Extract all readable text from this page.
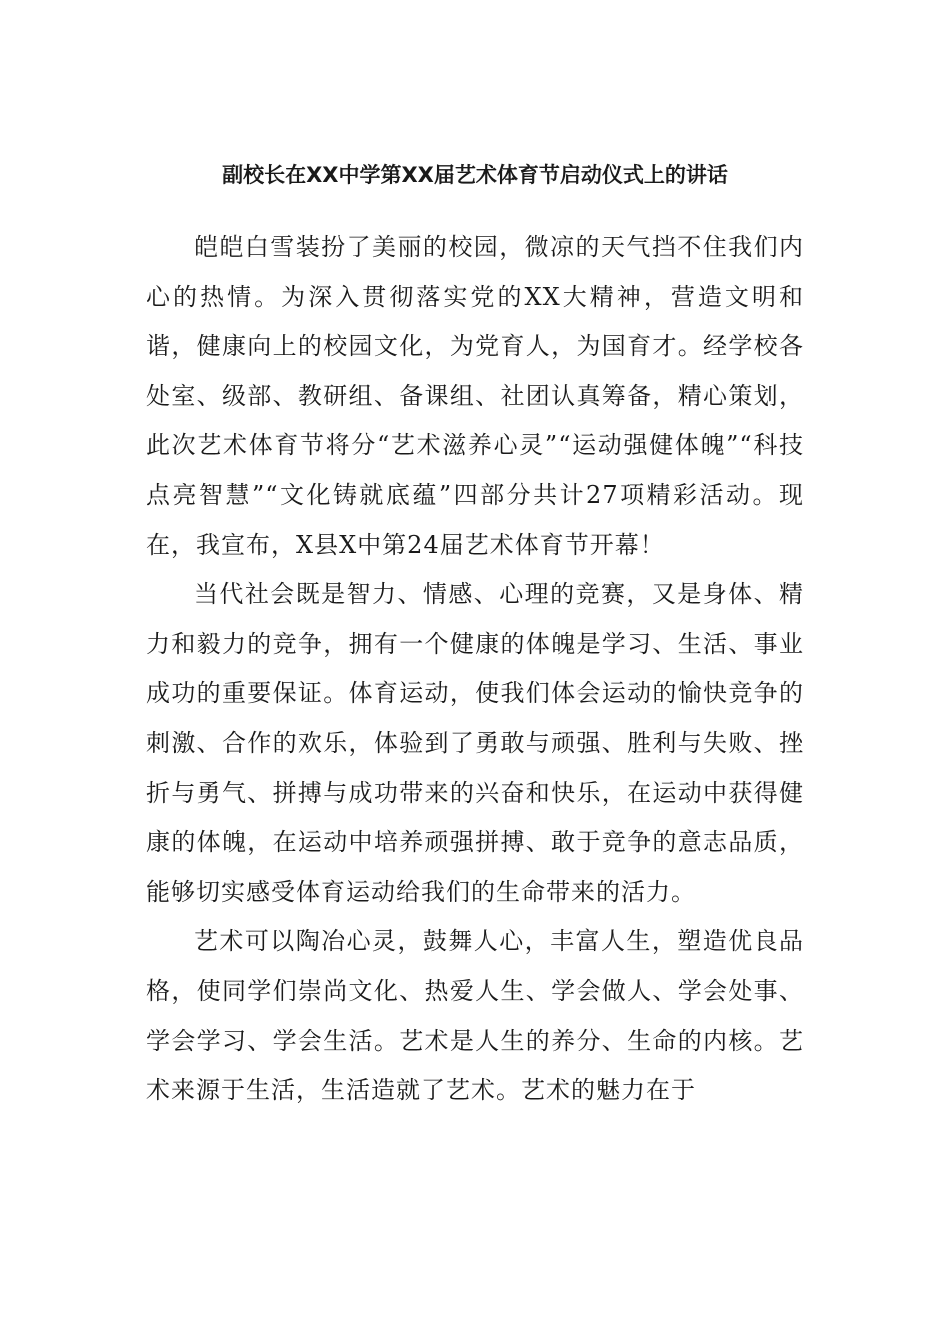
副校长在XX中学第XX届艺术体育节启动仪式上的讲话

皑皑白雪装扮了美丽的校园，微凉的天气挡不住我们内心的热情。为深入贯彻落实党的XX大精神，营造文明和谐，健康向上的校园文化，为党育人，为国育才。经学校各处室、级部、教研组、备课组、社团认真筹备，精心策划，此次艺术体育节将分“艺术滋养心灵”“运动强健体魄”“科技点亮智慧”“文化铸就底蕴”四部分共计27项精彩活动。现在，我宣布，X县X中第24届艺术体育节开幕！

当代社会既是智力、情感、心理的竞赛，又是身体、精力和毅力的竞争，拥有一个健康的体魄是学习、生活、事业成功的重要保证。体育运动，使我们体会运动的愉快竞争的刺激、合作的欢乐，体验到了勇敢与顽强、胜利与失败、挫折与勇气、拼搏与成功带来的兴奋和快乐，在运动中获得健康的体魄，在运动中培养顽强拼搏、敢于竞争的意志品质，能够切实感受体育运动给我们的生命带来的活力。

艺术可以陶冶心灵，鼓舞人心，丰富人生，塑造优良品格，使同学们崇尚文化、热爱人生、学会做人、学会处事、学会学习、学会生活。艺术是人生的养分、生命的内核。艺术来源于生活，生活造就了艺术。艺术的魅力在于
